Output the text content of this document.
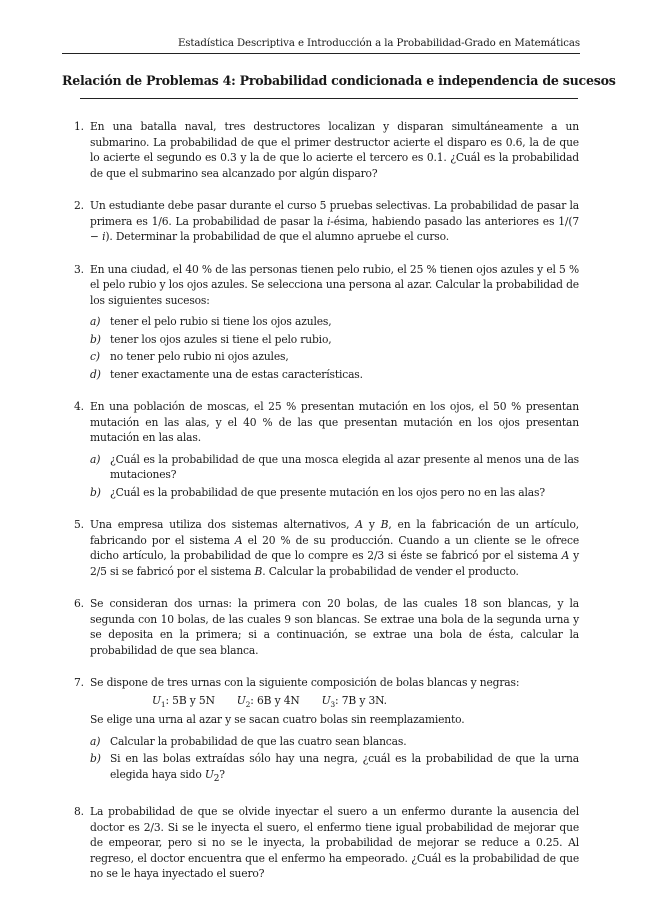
Estadística Descriptiva e Introducción a la Probabilidad-Grado en Matemáticas
Relación de Problemas 4: Probabilidad condicionada e independencia de sucesos
1. En una batalla naval, tres destructores localizan y disparan simultáneamente a un submarino. La probabilidad de que el primer destructor acierte el disparo es 0.6, la de que lo acierte el segundo es 0.3 y la de que lo acierte el tercero es 0.1. ¿Cuál es la probabilidad de que el submarino sea alcanzado por algún disparo?

2. Un estudiante debe pasar durante el curso 5 pruebas selectivas. La probabilidad de pasar la primera es 1/6. La probabilidad de pasar la i-ésima, habiendo pasado las anteriores es 1/(7 − i). Determinar la probabilidad de que el alumno apruebe el curso.

3. En una ciudad, el 40 % de las personas tienen pelo rubio, el 25 % tienen ojos azules y el 5 % el pelo rubio y los ojos azules. Se selecciona una persona al azar. Calcular la probabilidad de los siguientes sucesos:

a) tener el pelo rubio si tiene los ojos azules,
b) tener los ojos azules si tiene el pelo rubio,
c) no tener pelo rubio ni ojos azules,
d) tener exactamente una de estas características.
4. En una población de moscas, el 25 % presentan mutación en los ojos, el 50 % presentan mutación en las alas, y el 40 % de las que presentan mutación en los ojos presentan mutación en las alas.

a) ¿Cuál es la probabilidad de que una mosca elegida al azar presente al menos una de las mutaciones?
b) ¿Cuál es la probabilidad de que presente mutación en los ojos pero no en las alas?
5. Una empresa utiliza dos sistemas alternativos, A y B, en la fabricación de un artículo, fabricando por el sistema A el 20 % de su producción. Cuando a un cliente se le ofrece dicho artículo, la probabilidad de que lo compre es 2/3 si éste se fabricó por el sistema A y 2/5 si se fabricó por el sistema B. Calcular la probabilidad de vender el producto.

6. Se consideran dos urnas: la primera con 20 bolas, de las cuales 18 son blancas, y la segunda con 10 bolas, de las cuales 9 son blancas. Se extrae una bola de la segunda urna y se deposita en la primera; si a continuación, se extrae una bola de ésta, calcular la probabilidad de que sea blanca.

7. Se dispone de tres urnas con la siguiente composición de bolas blancas y negras:

$U_1$: 5B y 5N $U_2$: 6B y 4N $U_3$: 7B y 3N.

Se elige una urna al azar y se sacan cuatro bolas sin reemplazamiento.

a) Calcular la probabilidad de que las cuatro sean blancas.
b) Si en las bolas extraídas sólo hay una negra, ¿cuál es la probabilidad de que la urna elegida haya sido $U_2$?
8. La probabilidad de que se olvide inyectar el suero a un enfermo durante la ausencia del doctor es 2/3. Si se le inyecta el suero, el enfermo tiene igual probabilidad de mejorar que de empeorar, pero si no se le inyecta, la probabilidad de mejorar se reduce a 0.25. Al regreso, el doctor encuentra que el enfermo ha empeorado. ¿Cuál es la probabilidad de que no se le haya inyectado el suero?
